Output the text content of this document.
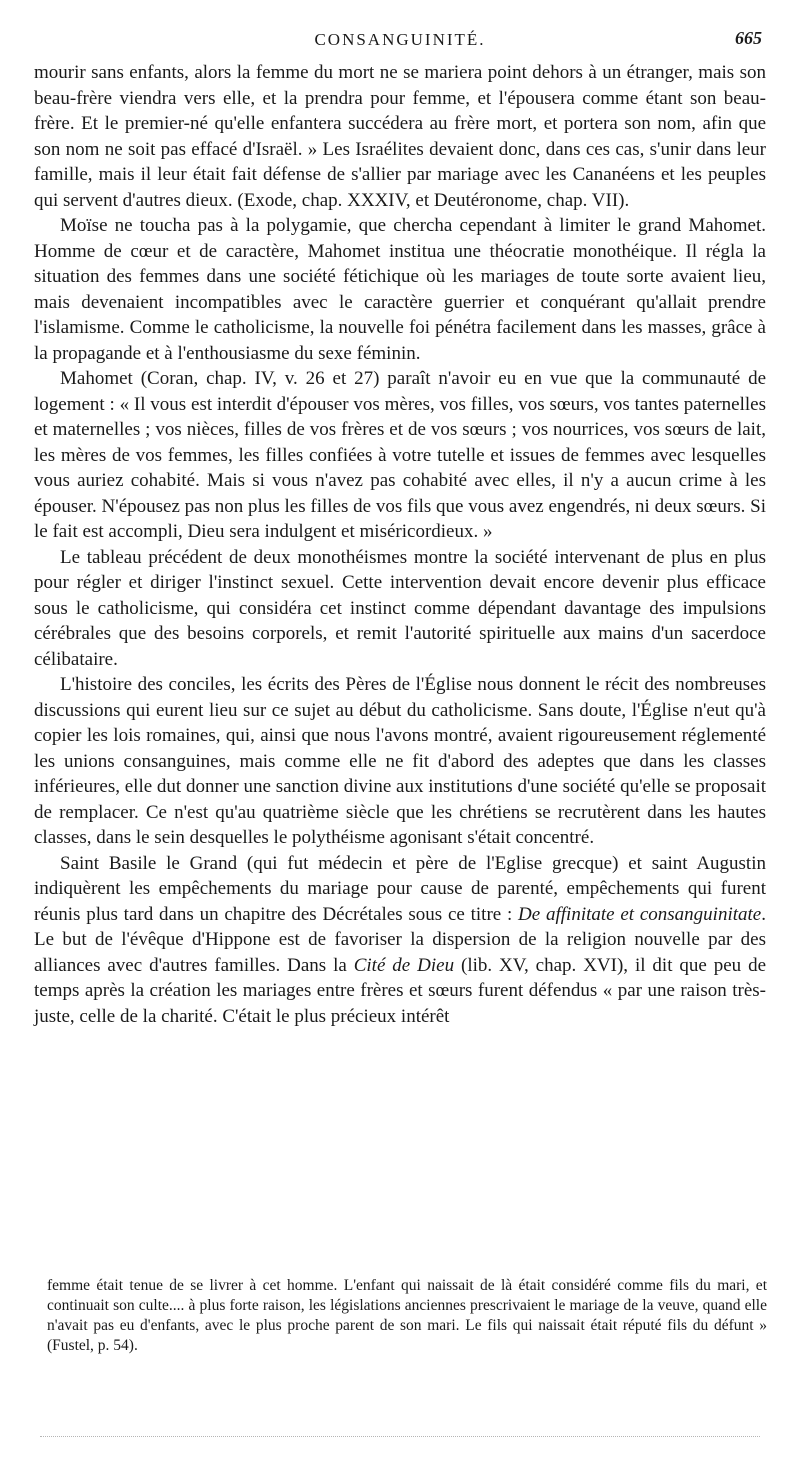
CONSANGUINITÉ.	665

mourir sans enfants, alors la femme du mort ne se mariera point dehors à un étranger, mais son beau-frère viendra vers elle, et la prendra pour femme, et l'épousera comme étant son beau-frère. Et le premier-né qu'elle enfantera succédera au frère mort, et portera son nom, afin que son nom ne soit pas effacé d'Israël. » Les Israélites devaient donc, dans ces cas, s'unir dans leur famille, mais il leur était fait défense de s'allier par mariage avec les Cananéens et les peuples qui servent d'autres dieux. (Exode, chap. XXXIV, et Deutéronome, chap. VII).

Moïse ne toucha pas à la polygamie, que chercha cependant à limiter le grand Mahomet. Homme de cœur et de caractère, Mahomet institua une théocratie monothéique. Il régla la situation des femmes dans une société fétichique où les mariages de toute sorte avaient lieu, mais devenaient incompatibles avec le caractère guerrier et conquérant qu'allait prendre l'islamisme. Comme le catholicisme, la nouvelle foi pénétra facilement dans les masses, grâce à la propagande et à l'enthousiasme du sexe féminin.

Mahomet (Coran, chap. IV, v. 26 et 27) paraît n'avoir eu en vue que la communauté de logement : « Il vous est interdit d'épouser vos mères, vos filles, vos sœurs, vos tantes paternelles et maternelles ; vos nièces, filles de vos frères et de vos sœurs ; vos nourrices, vos sœurs de lait, les mères de vos femmes, les filles confiées à votre tutelle et issues de femmes avec lesquelles vous auriez cohabité. Mais si vous n'avez pas cohabité avec elles, il n'y a aucun crime à les épouser. N'épousez pas non plus les filles de vos fils que vous avez engendrés, ni deux sœurs. Si le fait est accompli, Dieu sera indulgent et miséricordieux. »

Le tableau précédent de deux monothéismes montre la société intervenant de plus en plus pour régler et diriger l'instinct sexuel. Cette intervention devait encore devenir plus efficace sous le catholicisme, qui considéra cet instinct comme dépendant davantage des impulsions cérébrales que des besoins corporels, et remit l'autorité spirituelle aux mains d'un sacerdoce célibataire.

L'histoire des conciles, les écrits des Pères de l'Église nous donnent le récit des nombreuses discussions qui eurent lieu sur ce sujet au début du catholicisme. Sans doute, l'Église n'eut qu'à copier les lois romaines, qui, ainsi que nous l'avons montré, avaient rigoureusement réglementé les unions consanguines, mais comme elle ne fit d'abord des adeptes que dans les classes inférieures, elle dut donner une sanction divine aux institutions d'une société qu'elle se proposait de remplacer. Ce n'est qu'au quatrième siècle que les chrétiens se recrutèrent dans les hautes classes, dans le sein desquelles le polythéisme agonisant s'était concentré.

Saint Basile le Grand (qui fut médecin et père de l'Eglise grecque) et saint Augustin indiquèrent les empêchements du mariage pour cause de parenté, empêchements qui furent réunis plus tard dans un chapitre des Décrétales sous ce titre : De affinitate et consanguinitate. Le but de l'évêque d'Hippone est de favoriser la dispersion de la religion nouvelle par des alliances avec d'autres familles. Dans la Cité de Dieu (lib. XV, chap. XVI), il dit que peu de temps après la création les mariages entre frères et sœurs furent défendus « par une raison très-juste, celle de la charité. C'était le plus précieux intérêt

femme était tenue de se livrer à cet homme. L'enfant qui naissait de là était considéré comme fils du mari, et continuait son culte.... à plus forte raison, les législations anciennes prescrivaient le mariage de la veuve, quand elle n'avait pas eu d'enfants, avec le plus proche parent de son mari. Le fils qui naissait était réputé fils du défunt » (Fustel, p. 54).
